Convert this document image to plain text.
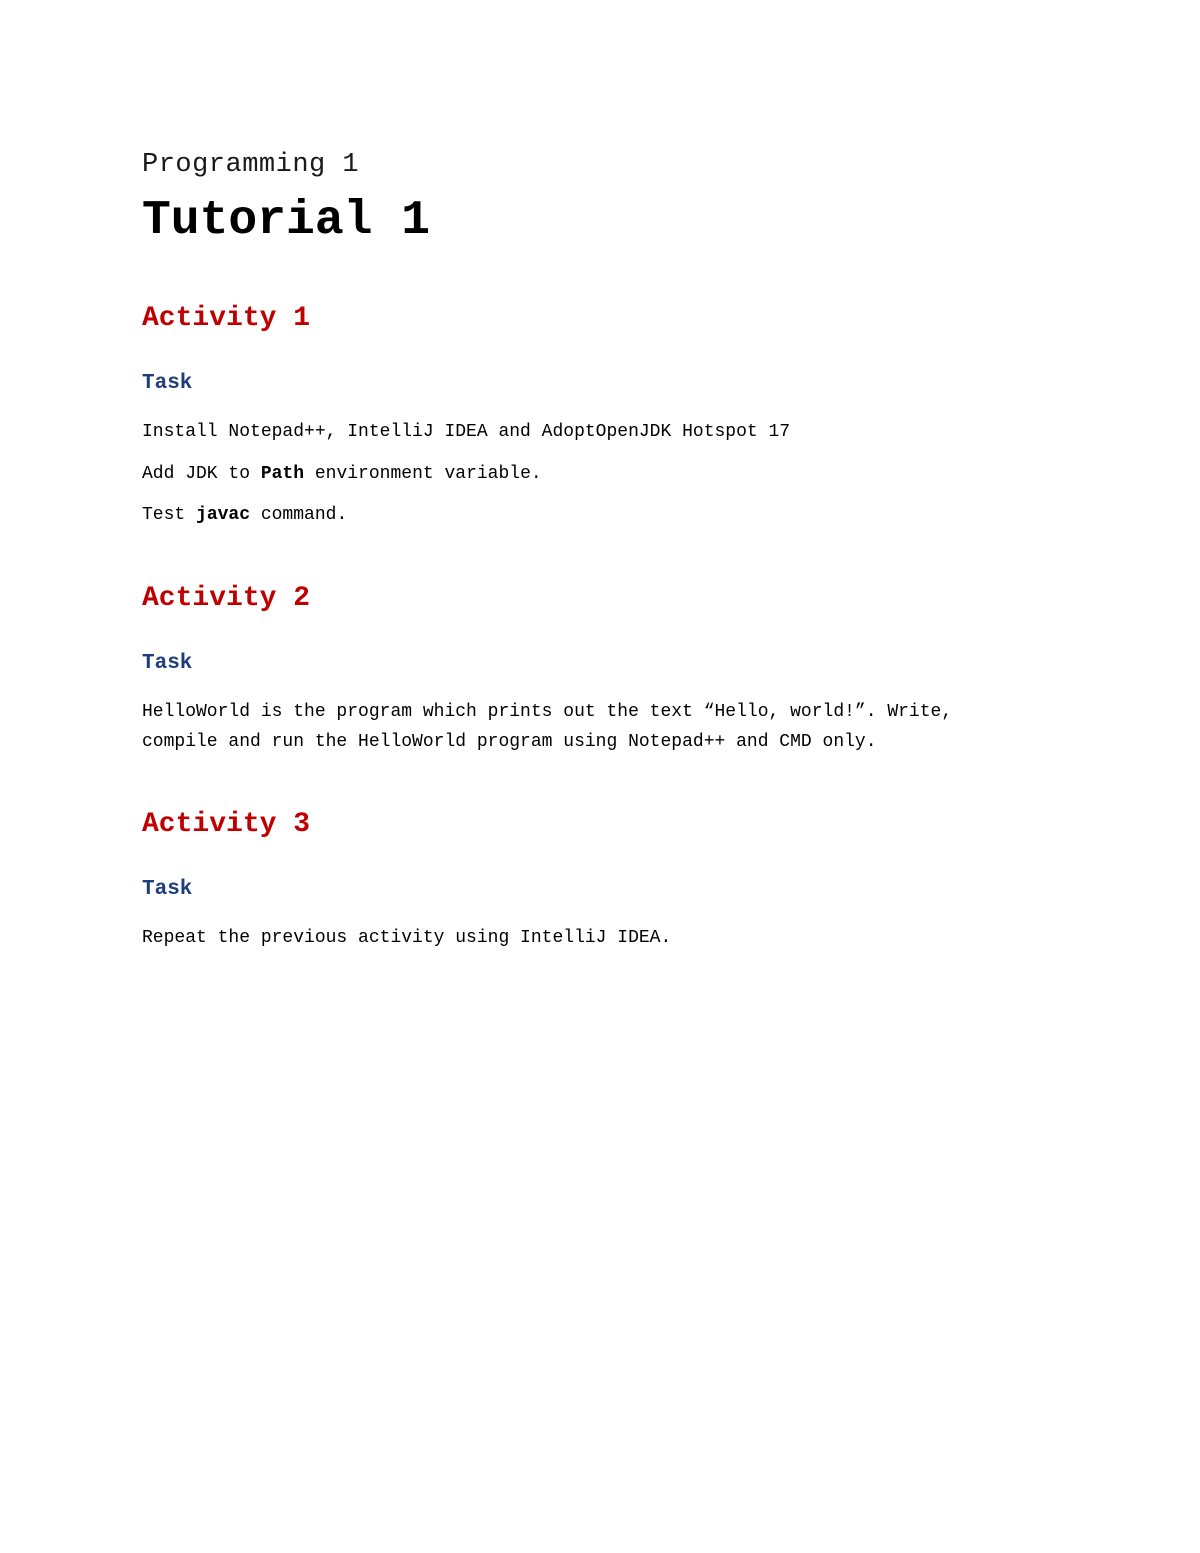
Programming 1
Tutorial 1
Activity 1
Task
Install Notepad++, IntelliJ IDEA and AdoptOpenJDK Hotspot 17
Add JDK to Path environment variable.
Test javac command.
Activity 2
Task
HelloWorld is the program which prints out the text “Hello, world!”. Write,
compile and run the HelloWorld program using Notepad++ and CMD only.
Activity 3
Task
Repeat the previous activity using IntelliJ IDEA.
